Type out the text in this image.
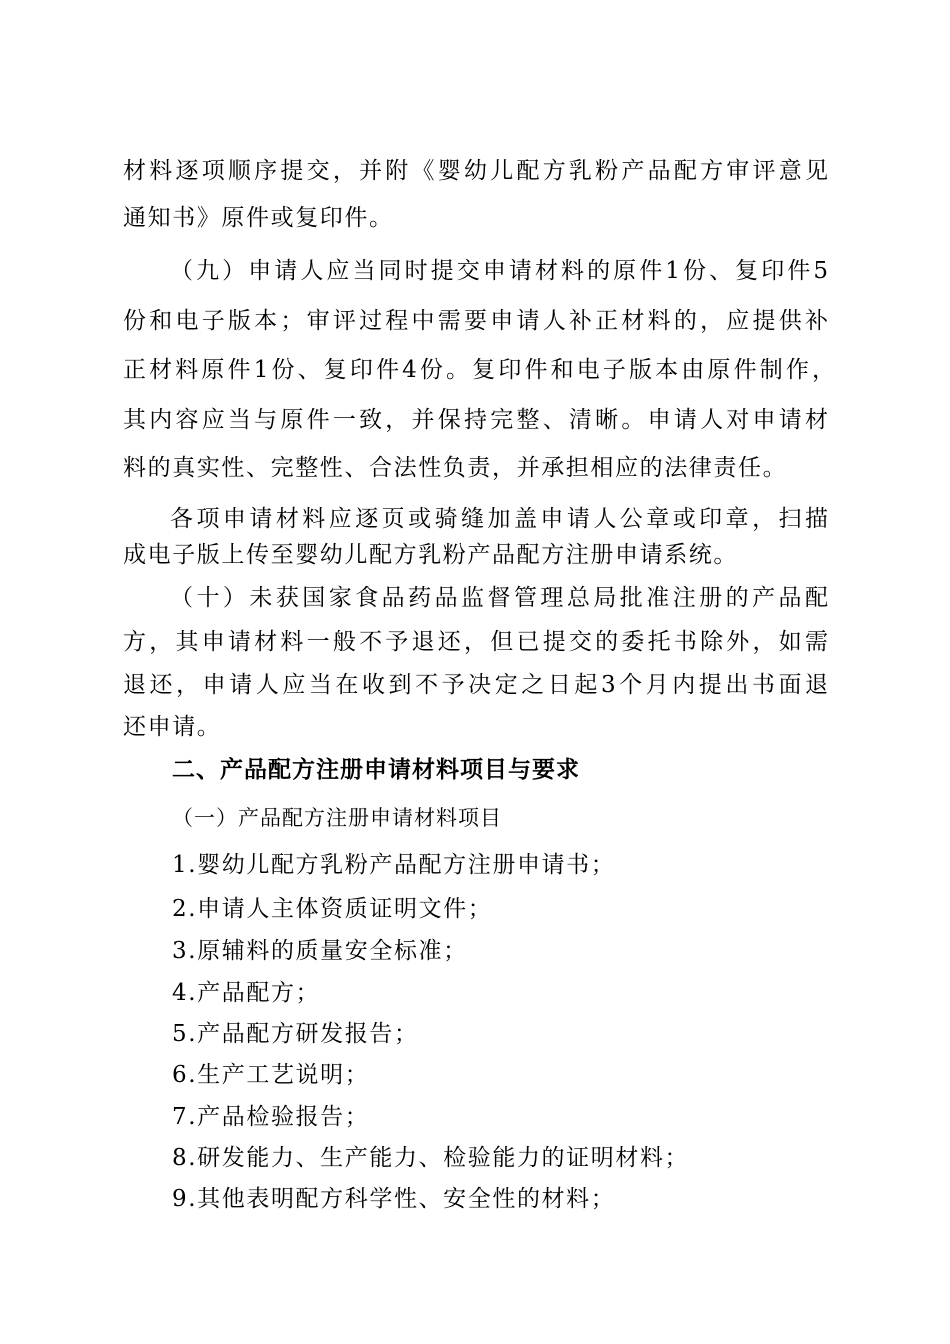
材料逐项顺序提交，并附《婴幼儿配方乳粉产品配方审评意见
通知书》原件或复印件。
（九）申请人应当同时提交申请材料的原件1份、复印件5
份和电子版本；审评过程中需要申请人补正材料的，应提供补
正材料原件1份、复印件4份。复印件和电子版本由原件制作，
其内容应当与原件一致，并保持完整、清晰。申请人对申请材
料的真实性、完整性、合法性负责，并承担相应的法律责任。
各项申请材料应逐页或骑缝加盖申请人公章或印章，扫描
成电子版上传至婴幼儿配方乳粉产品配方注册申请系统。
（十）未获国家食品药品监督管理总局批准注册的产品配
方，其申请材料一般不予退还，但已提交的委托书除外，如需
退还，申请人应当在收到不予决定之日起3个月内提出书面退
还申请。
二、产品配方注册申请材料项目与要求
（一）产品配方注册申请材料项目
1.婴幼儿配方乳粉产品配方注册申请书；
2.申请人主体资质证明文件；
3.原辅料的质量安全标准；
4.产品配方；
5.产品配方研发报告；
6.生产工艺说明；
7.产品检验报告；
8.研发能力、生产能力、检验能力的证明材料；
9.其他表明配方科学性、安全性的材料；
